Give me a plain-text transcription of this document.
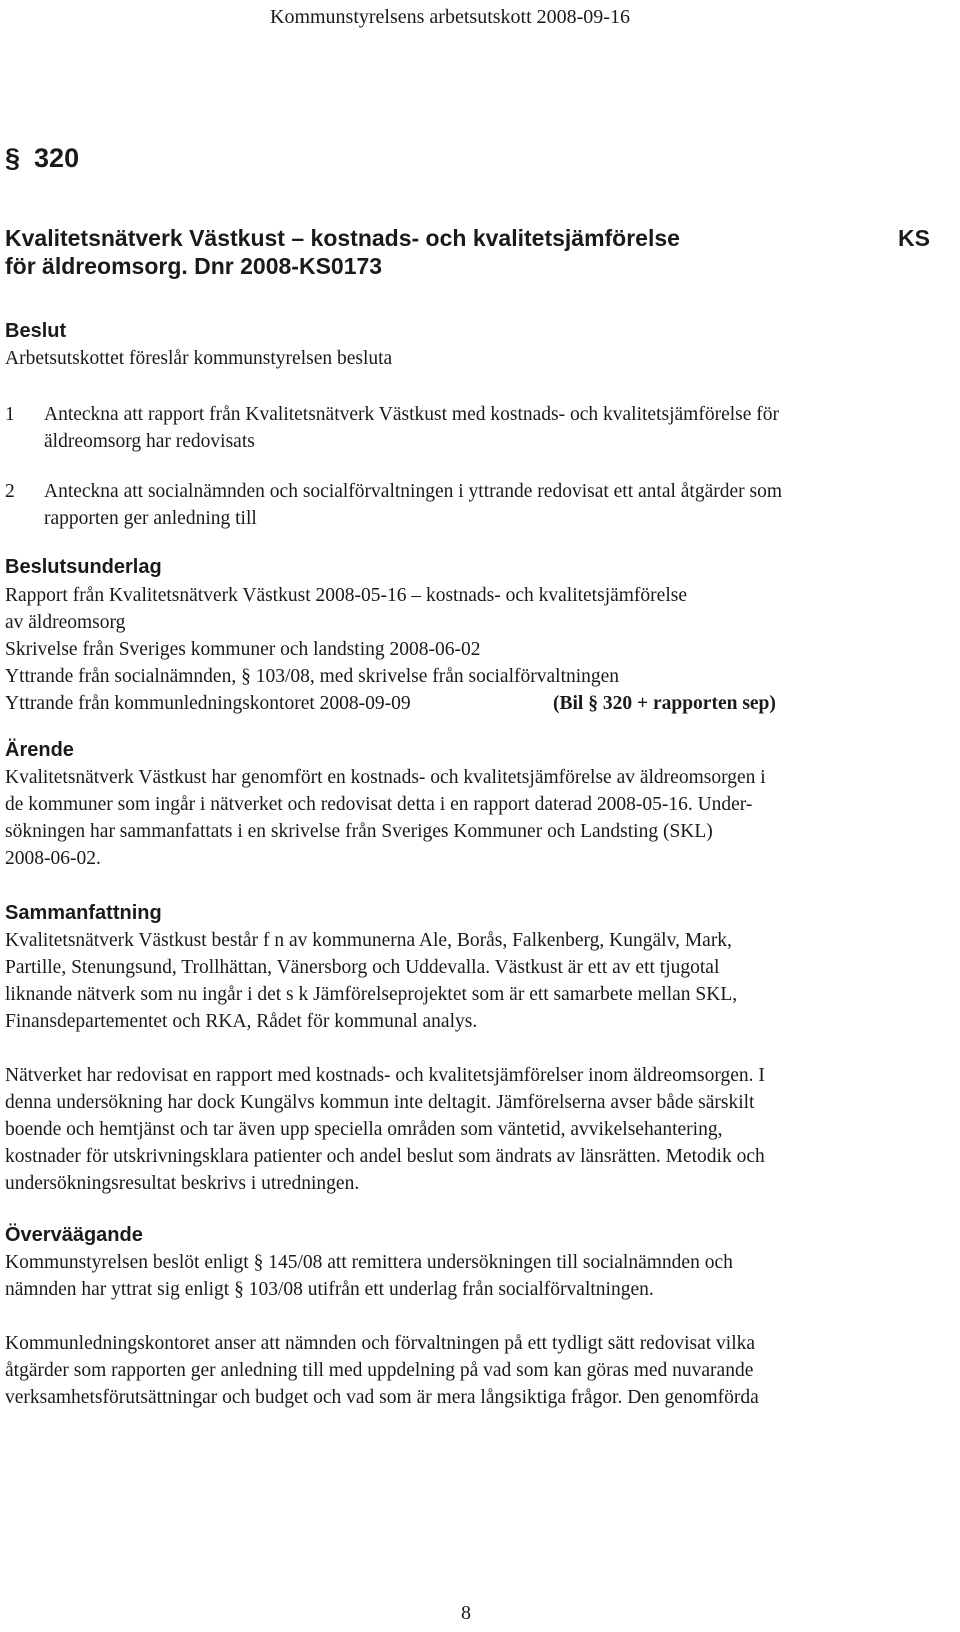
Kommunstyrelsens arbetsutskott 2008-09-16
§ 320
Kvalitetsnätverk Västkust – kostnads- och kvalitetsjämförelse
för äldreomsorg. Dnr 2008-KS0173
KS
Beslut
Arbetsutskottet föreslår kommunstyrelsen besluta
1 Anteckna att rapport från Kvalitetsnätverk Västkust med kostnads- och kvalitetsjämförelse för
äldreomsorg har redovisats
2 Anteckna att socialnämnden och socialförvaltningen i yttrande redovisat ett antal åtgärder som
rapporten ger anledning till
Beslutsunderlag
Rapport från Kvalitetsnätverk Västkust 2008-05-16 – kostnads- och kvalitetsjämförelse
av äldreomsorg
Skrivelse från Sveriges kommuner och landsting 2008-06-02
Yttrande från socialnämnden, § 103/08, med skrivelse från socialförvaltningen
Yttrande från kommunledningskontoret 2008-09-09	(Bil § 320 + rapporten sep)
Ärende
Kvalitetsnätverk Västkust har genomfört en kostnads- och kvalitetsjämförelse av äldreomsorgen i
de kommuner som ingår i nätverket och redovisat detta i en rapport daterad 2008-05-16. Under-
sökningen har sammanfattats i en skrivelse från Sveriges Kommuner och Landsting (SKL)
2008-06-02.
Sammanfattning
Kvalitetsnätverk Västkust består f n av kommunerna Ale, Borås, Falkenberg, Kungälv, Mark,
Partille, Stenungsund, Trollhättan, Vänersborg och Uddevalla. Västkust är ett av ett tjugotal
liknande nätverk som nu ingår i det s k Jämförelseprojektet som är ett samarbete mellan SKL,
Finansdepartementet och RKA, Rådet för kommunal analys.
Nätverket har redovisat en rapport med kostnads- och kvalitetsjämförelser inom äldreomsorgen. I
denna undersökning har dock Kungälvs kommun inte deltagit. Jämförelserna avser både särskilt
boende och hemtjänst och tar även upp speciella områden som väntetid, avvikelsehantering,
kostnader för utskrivningsklara patienter och andel beslut som ändrats av länsrätten. Metodik och
undersökningsresultat beskrivs i utredningen.
Överväägande
Kommunstyrelsen beslöt enligt § 145/08 att remittera undersökningen till socialnämnden och
nämnden har yttrat sig enligt § 103/08 utifrån ett underlag från socialförvaltningen.
Kommunledningskontoret anser att nämnden och förvaltningen på ett tydligt sätt redovisat vilka
åtgärder som rapporten ger anledning till med uppdelning på vad som kan göras med nuvarande
verksamhetsförutsättningar och budget och vad som är mera långsiktiga frågor. Den genomförda
8
